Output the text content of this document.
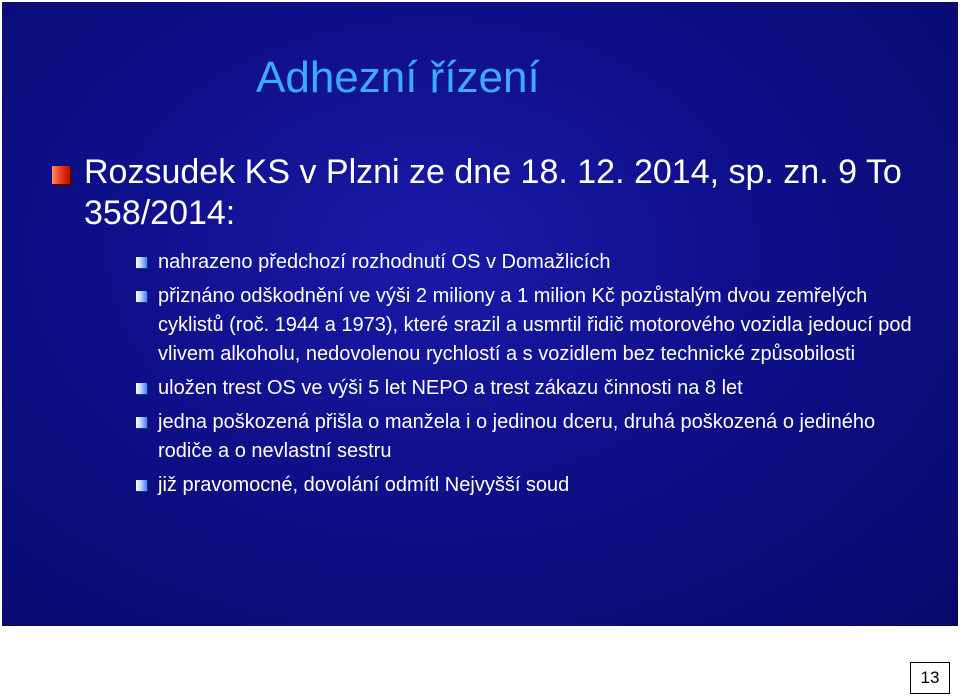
Adhezní řízení
Rozsudek KS v Plzni ze dne 18. 12. 2014, sp. zn. 9 To 358/2014:
nahrazeno předchozí rozhodnutí OS v Domažlicích
přiznáno odškodnění ve výši 2 miliony a 1 milion Kč pozůstalým dvou zemřelých cyklistů (roč. 1944 a 1973), které srazil a usmrtil řidič motorového vozidla jedoucí pod vlivem alkoholu, nedovolenou rychlostí a s vozidlem bez technické způsobilosti
uložen trest OS ve výši 5 let NEPO a trest zákazu činnosti na 8 let
jedna poškozená přišla o manžela i o jedinou dceru, druhá poškozená o jediného rodiče a o nevlastní sestru
již pravomocné, dovolání odmítl Nejvyšší soud
13
